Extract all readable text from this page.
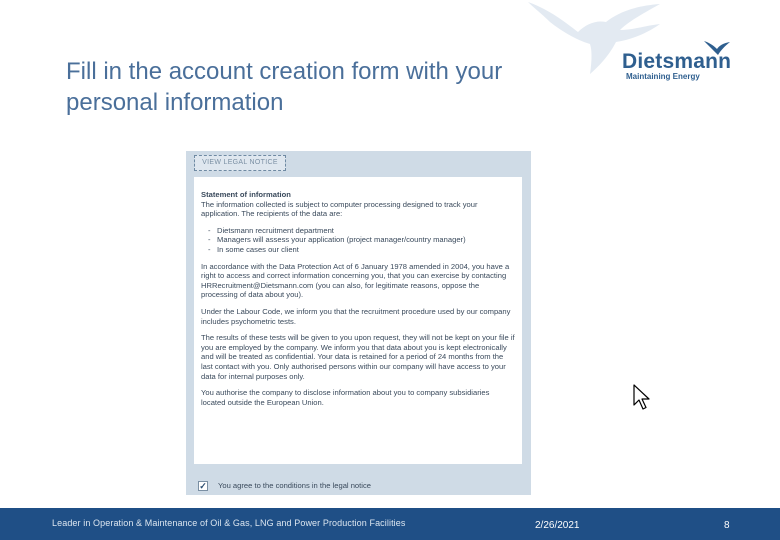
Dietsmann
Maintaining Energy
Fill in the account creation form with your personal information
VIEW LEGAL NOTICE

Statement of information

The information collected is subject to computer processing designed to track your application. The recipients of the data are:

- Dietsmann recruitment department
- Managers will assess your application (project manager/country manager)
- In some cases our client

In accordance with the Data Protection Act of 6 January 1978 amended in 2004, you have a right to access and correct information concerning you, that you can exercise by contacting HRRecruitment@Dietsmann.com (you can also, for legitimate reasons, oppose the processing of data about you).

Under the Labour Code, we inform you that the recruitment procedure used by our company includes psychometric tests.

The results of these tests will be given to you upon request, they will not be kept on your file if you are employed by the company. We inform you that data about you is kept electronically and will be treated as confidential. Your data is retained for a period of 24 months from the last contact with you. Only authorised persons within our company will have access to your data for internal purposes only.

You authorise the company to disclose information about you to company subsidiaries located outside the European Union.

✓ You agree to the conditions in the legal notice
Leader in Operation & Maintenance of Oil & Gas, LNG and Power Production Facilities	2/26/2021	8
